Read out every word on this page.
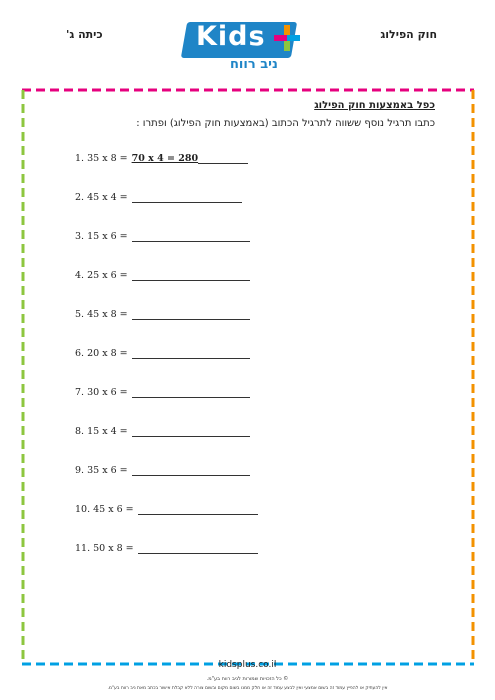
חוק הפילוג
כיתה ג'	Kids
ניב רווח
כפל באמצעות חוק הפילוג
כתבו תרגיל נוסף ששווה לתרגיל הכתוב (באמצעות חוק הפילוג) ופתרו :
1. 35 x 8 = 70 x 4 = 280
2. 45 x 4 =
3. 15 x 6 =
4. 25 x 6 =
5. 45 x 8 =
6. 20 x 8 =
7. 30 x 6 =
8. 15 x 4 =
9. 35 x 6 =
10. 45 x 6 =
11. 50 x 8 =
kidsplus.co.il
© כל הזכויות שמורות לניב רווח בע"מ.
אין להעתיק או להפיץ עמוד זה בשום אמצעי ואין לבצע עמוד זה או חלק ממנו בשום מקום ובשום צורה ללא קבלת אישור בכתב מאת ניב רווח בע"מ.
